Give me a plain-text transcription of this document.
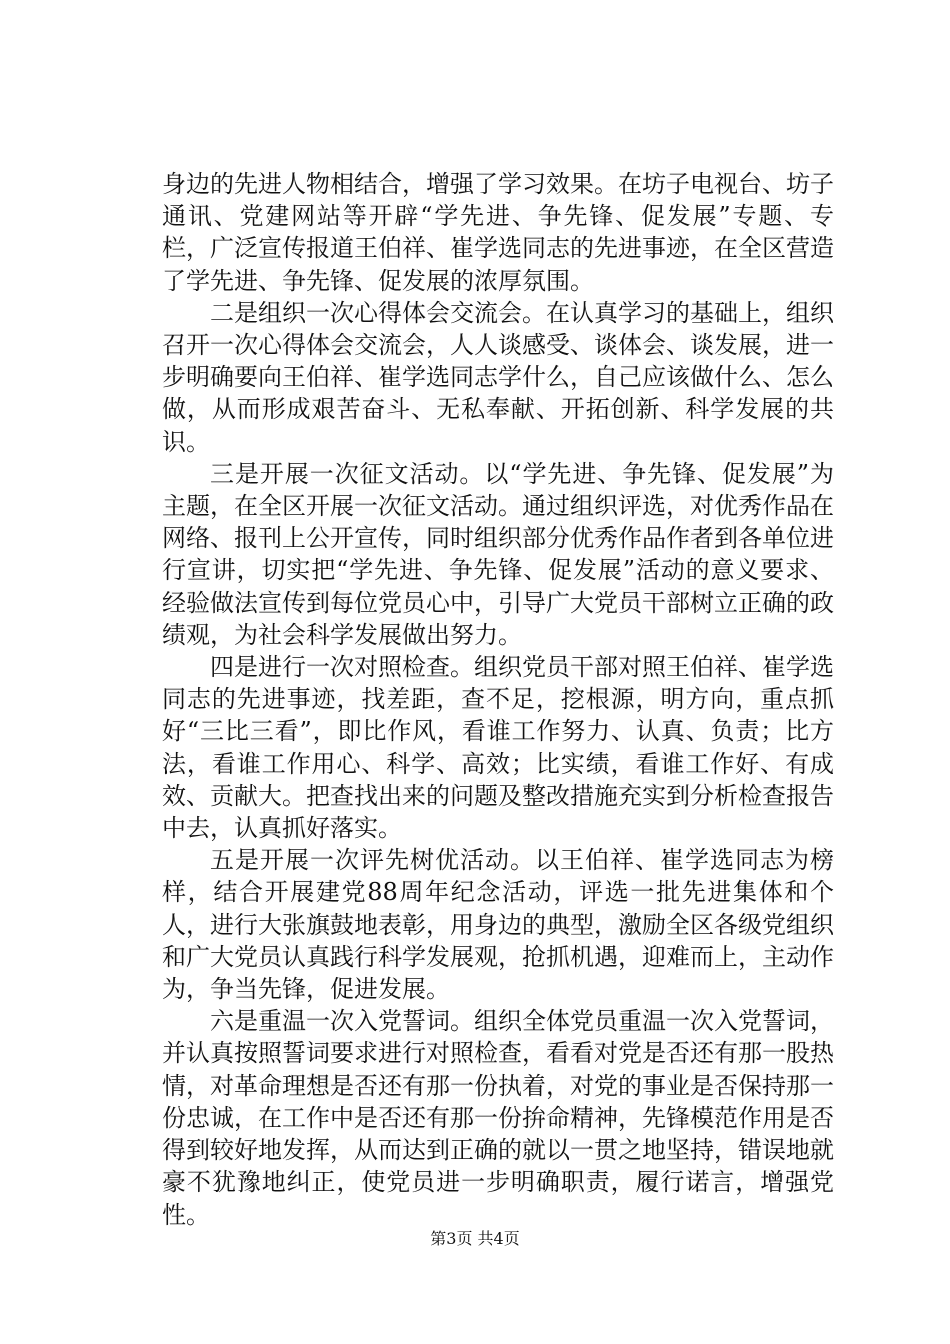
身边的先进人物相结合，增强了学习效果。在坊子电视台、坊子通讯、党建网站等开辟“学先进、争先锋、促发展”专题、专栏，广泛宣传报道王伯祥、崔学选同志的先进事迹，在全区营造了学先进、争先锋、促发展的浓厚氛围。

二是组织一次心得体会交流会。在认真学习的基础上，组织召开一次心得体会交流会，人人谈感受、谈体会、谈发展，进一步明确要向王伯祥、崔学选同志学什么，自己应该做什么、怎么做，从而形成艰苦奋斗、无私奉献、开拓创新、科学发展的共识。

三是开展一次征文活动。以“学先进、争先锋、促发展”为主题，在全区开展一次征文活动。通过组织评选，对优秀作品在网络、报刊上公开宣传，同时组织部分优秀作品作者到各单位进行宣讲，切实把“学先进、争先锋、促发展”活动的意义要求、经验做法宣传到每位党员心中，引导广大党员干部树立正确的政绩观，为社会科学发展做出努力。

四是进行一次对照检查。组织党员干部对照王伯祥、崔学选同志的先进事迹，找差距，查不足，挖根源，明方向，重点抓好“三比三看”，即比作风，看谁工作努力、认真、负责；比方法，看谁工作用心、科学、高效；比实绩，看谁工作好、有成效、贡献大。把查找出来的问题及整改措施充实到分析检查报告中去，认真抓好落实。

五是开展一次评先树优活动。以王伯祥、崔学选同志为榜样，结合开展建党88周年纪念活动，评选一批先进集体和个人，进行大张旗鼓地表彰，用身边的典型，激励全区各级党组织和广大党员认真践行科学发展观，抢抓机遇，迎难而上，主动作为，争当先锋，促进发展。

六是重温一次入党誓词。组织全体党员重温一次入党誓词，并认真按照誓词要求进行对照检查，看看对党是否还有那一股热情，对革命理想是否还有那一份执着，对党的事业是否保持那一份忠诚，在工作中是否还有那一份拚命精神，先锋模范作用是否得到较好地发挥，从而达到正确的就以一贯之地坚持，错误地就豪不犹豫地纠正，使党员进一步明确职责，履行诺言，增强党性。

第3页 共4页
